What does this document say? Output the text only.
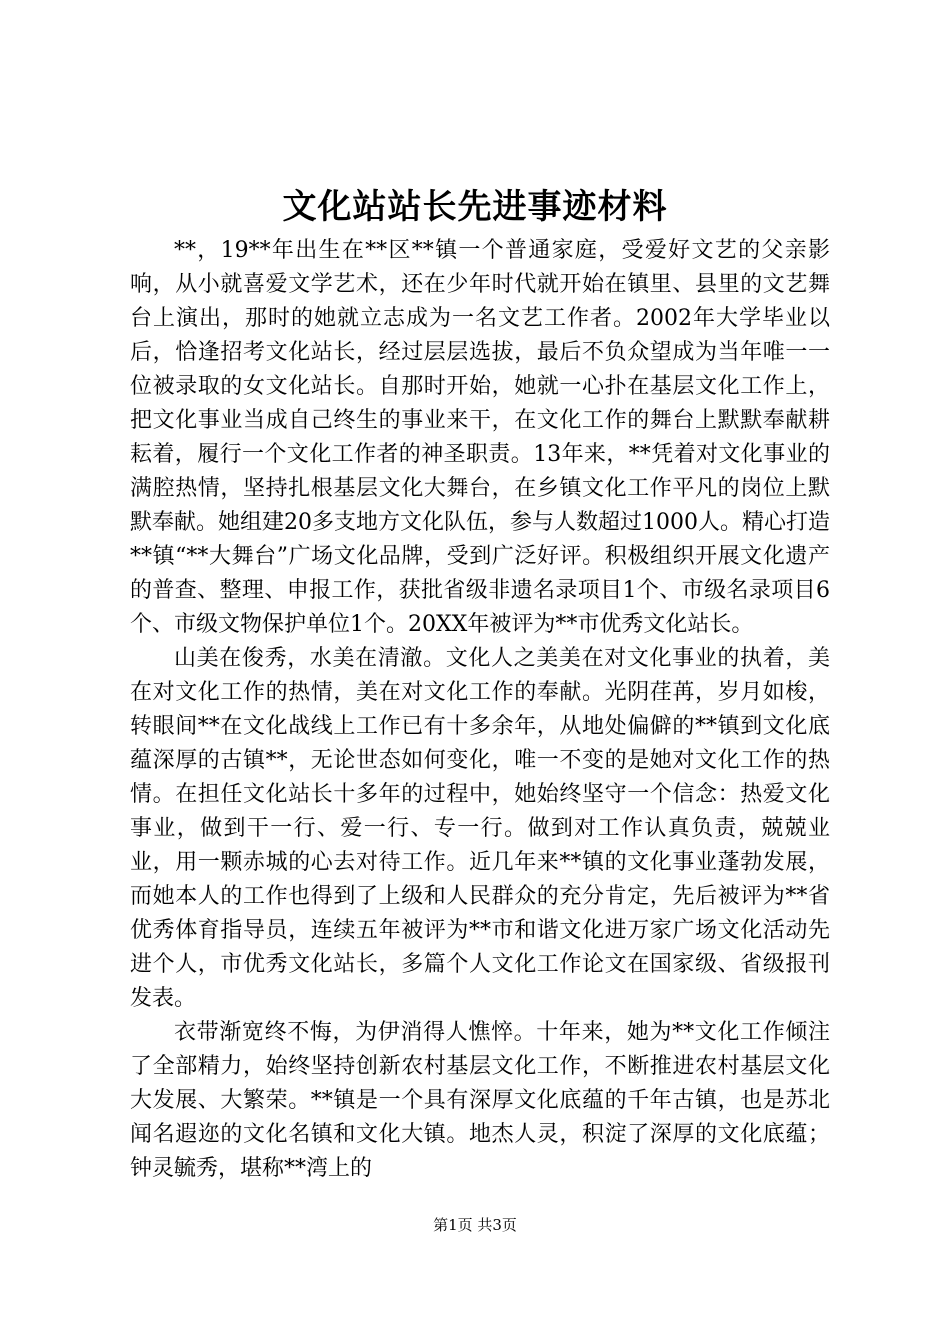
文化站站长先进事迹材料

**，19**年出生在**区**镇一个普通家庭，受爱好文艺的父亲影响，从小就喜爱文学艺术，还在少年时代就开始在镇里、县里的文艺舞台上演出，那时的她就立志成为一名文艺工作者。2002年大学毕业以后，恰逢招考文化站长，经过层层选拔，最后不负众望成为当年唯一一位被录取的女文化站长。自那时开始，她就一心扑在基层文化工作上，把文化事业当成自己终生的事业来干，在文化工作的舞台上默默奉献耕耘着，履行一个文化工作者的神圣职责。13年来，**凭着对文化事业的满腔热情，坚持扎根基层文化大舞台，在乡镇文化工作平凡的岗位上默默奉献。她组建20多支地方文化队伍，参与人数超过1000人。精心打造**镇“**大舞台”广场文化品牌，受到广泛好评。积极组织开展文化遗产的普查、整理、申报工作，获批省级非遗名录项目1个、市级名录项目6个、市级文物保护单位1个。20XX年被评为**市优秀文化站长。

山美在俊秀，水美在清澈。文化人之美美在对文化事业的执着，美在对文化工作的热情，美在对文化工作的奉献。光阴荏苒，岁月如梭，转眼间**在文化战线上工作已有十多余年，从地处偏僻的**镇到文化底蕴深厚的古镇**，无论世态如何变化，唯一不变的是她对文化工作的热情。在担任文化站长十多年的过程中，她始终坚守一个信念：热爱文化事业，做到干一行、爱一行、专一行。做到对工作认真负责，兢兢业业，用一颗赤城的心去对待工作。近几年来**镇的文化事业蓬勃发展，而她本人的工作也得到了上级和人民群众的充分肯定，先后被评为**省优秀体育指导员，连续五年被评为**市和谐文化进万家广场文化活动先进个人，市优秀文化站长，多篇个人文化工作论文在国家级、省级报刊发表。

衣带渐宽终不悔，为伊消得人憔悴。十年来，她为**文化工作倾注了全部精力，始终坚持创新农村基层文化工作，不断推进农村基层文化大发展、大繁荣。**镇是一个具有深厚文化底蕴的千年古镇，也是苏北闻名遐迩的文化名镇和文化大镇。地杰人灵，积淀了深厚的文化底蕴；钟灵毓秀，堪称**湾上的

第1页 共3页
